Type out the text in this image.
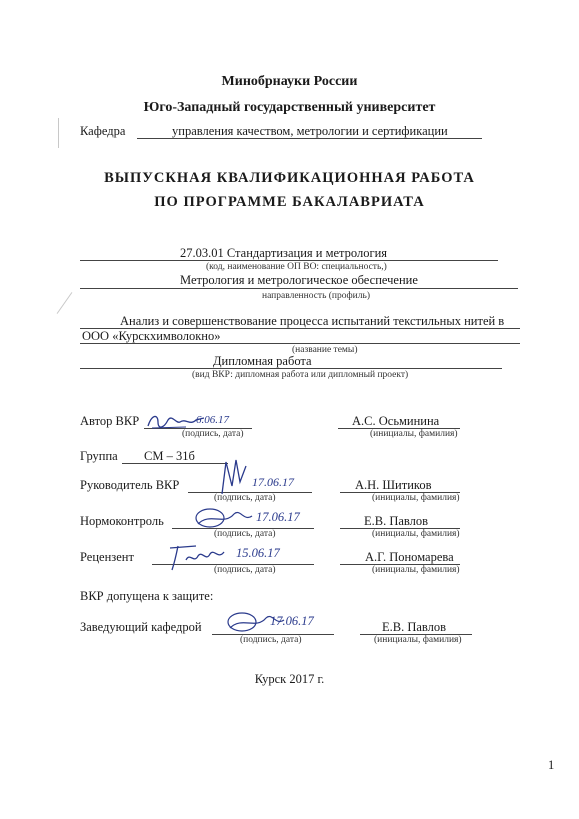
Минобрнауки России
Юго-Западный государственный университет
Кафедра	управления качеством, метрологии и сертификации
ВЫПУСКНАЯ КВАЛИФИКАЦИОННАЯ РАБОТА
ПО ПРОГРАММЕ БАКАЛАВРИАТА
27.03.01 Стандартизация и метрология
(код, наименование ОП ВО: специальность,)
Метрология и метрологическое обеспечение
направленность (профиль)
Анализ и совершенствование процесса испытаний текстильных нитей в
ООО «Курскхимволокно»
(название темы)
Дипломная работа
(вид ВКР: дипломная работа или дипломный проект)
Автор ВКР	6.06.17
(подпись, дата)
А.С. Осьминина
(инициалы, фамилия)
Группа СМ – 31б
Руководитель ВКР	17.06.17
(подпись, дата)
А.Н. Шитиков
(инициалы, фамилия)
Нормоконтроль	17.06.17
(подпись, дата)
Е.В. Павлов
(инициалы, фамилия)
Рецензент	15.06.17
(подпись, дата)
А.Г. Пономарева
(инициалы, фамилия)
ВКР допущена к защите:
Заведующий кафедрой	17.06.17
(подпись, дата)
Е.В. Павлов
(инициалы, фамилия)
Курск 2017 г.
1
